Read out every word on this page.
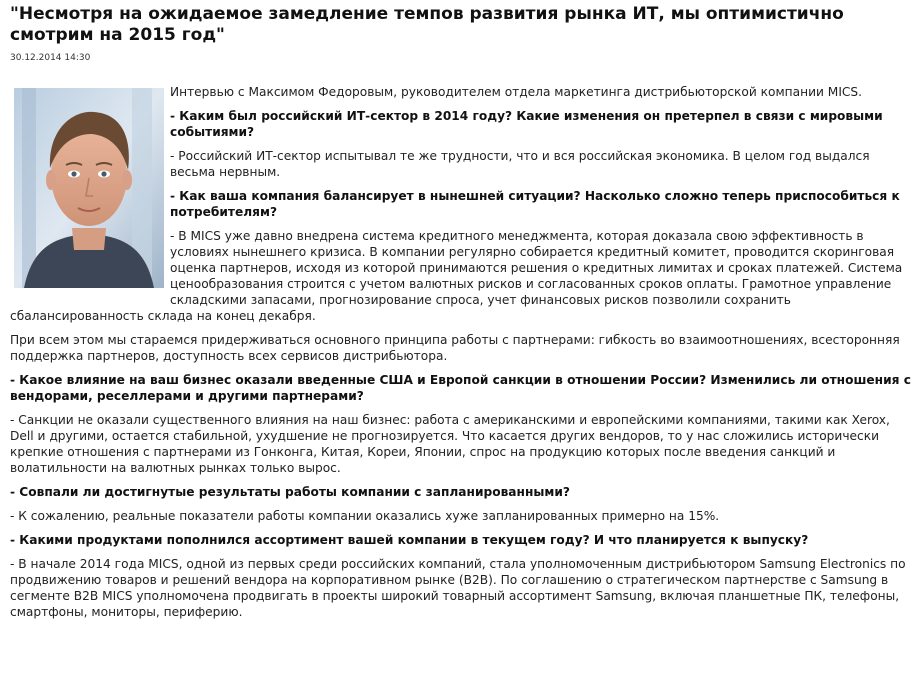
"Несмотря на ожидаемое замедление темпов развития рынка ИТ, мы оптимистично смотрим на 2015 год"
30.12.2014 14:30

Интервью с Максимом Федоровым, руководителем отдела маркетинга дистрибьюторской компании MICS.

- Каким был российский ИТ-сектор в 2014 году? Какие изменения он претерпел в связи с мировыми событиями?

- Российский ИТ-сектор испытывал те же трудности, что и вся российская экономика. В целом год выдался весьма нервным.

- Как ваша компания балансирует в нынешней ситуации? Насколько сложно теперь приспособиться к потребителям?

- В MICS уже давно внедрена система кредитного менеджмента, которая доказала свою эффективность в условиях нынешнего кризиса. В компании регулярно собирается кредитный комитет, проводится скоринговая оценка партнеров, исходя из которой принимаются решения о кредитных лимитах и сроках платежей. Система ценообразования строится с учетом валютных рисков и согласованных сроков оплаты. Грамотное управление складскими запасами, прогнозирование спроса, учет финансовых рисков позволили сохранить сбалансированность склада на конец декабря.

При всем этом мы стараемся придерживаться основного принципа работы с партнерами: гибкость во взаимоотношениях, всесторонняя поддержка партнеров, доступность всех сервисов дистрибьютора.

- Какое влияние на ваш бизнес оказали введенные США и Европой санкции в отношении России? Изменились ли отношения с вендорами, реселлерами и другими партнерами?

- Санкции не оказали существенного влияния на наш бизнес: работа с американскими и европейскими компаниями, такими как Xerox, Dell и другими, остается стабильной, ухудшение не прогнозируется. Что касается других вендоров, то у нас сложились исторически крепкие отношения с партнерами из Гонконга, Китая, Кореи, Японии, спрос на продукцию которых после введения санкций и волатильности на валютных рынках только вырос.

- Совпали ли достигнутые результаты работы компании с запланированными?

- К сожалению, реальные показатели работы компании оказались хуже запланированных примерно на 15%.

- Какими продуктами пополнился ассортимент вашей компании в текущем году? И что планируется к выпуску?

- В начале 2014 года MICS, одной из первых среди российских компаний, стала уполномоченным дистрибьютором Samsung Electronics по продвижению товаров и решений вендора на корпоративном рынке (B2B). По соглашению о стратегическом партнерстве с Samsung в сегменте B2B MICS уполномочена продвигать в проекты широкий товарный ассортимент Samsung, включая планшетные ПК, телефоны, смартфоны, мониторы, периферию.
